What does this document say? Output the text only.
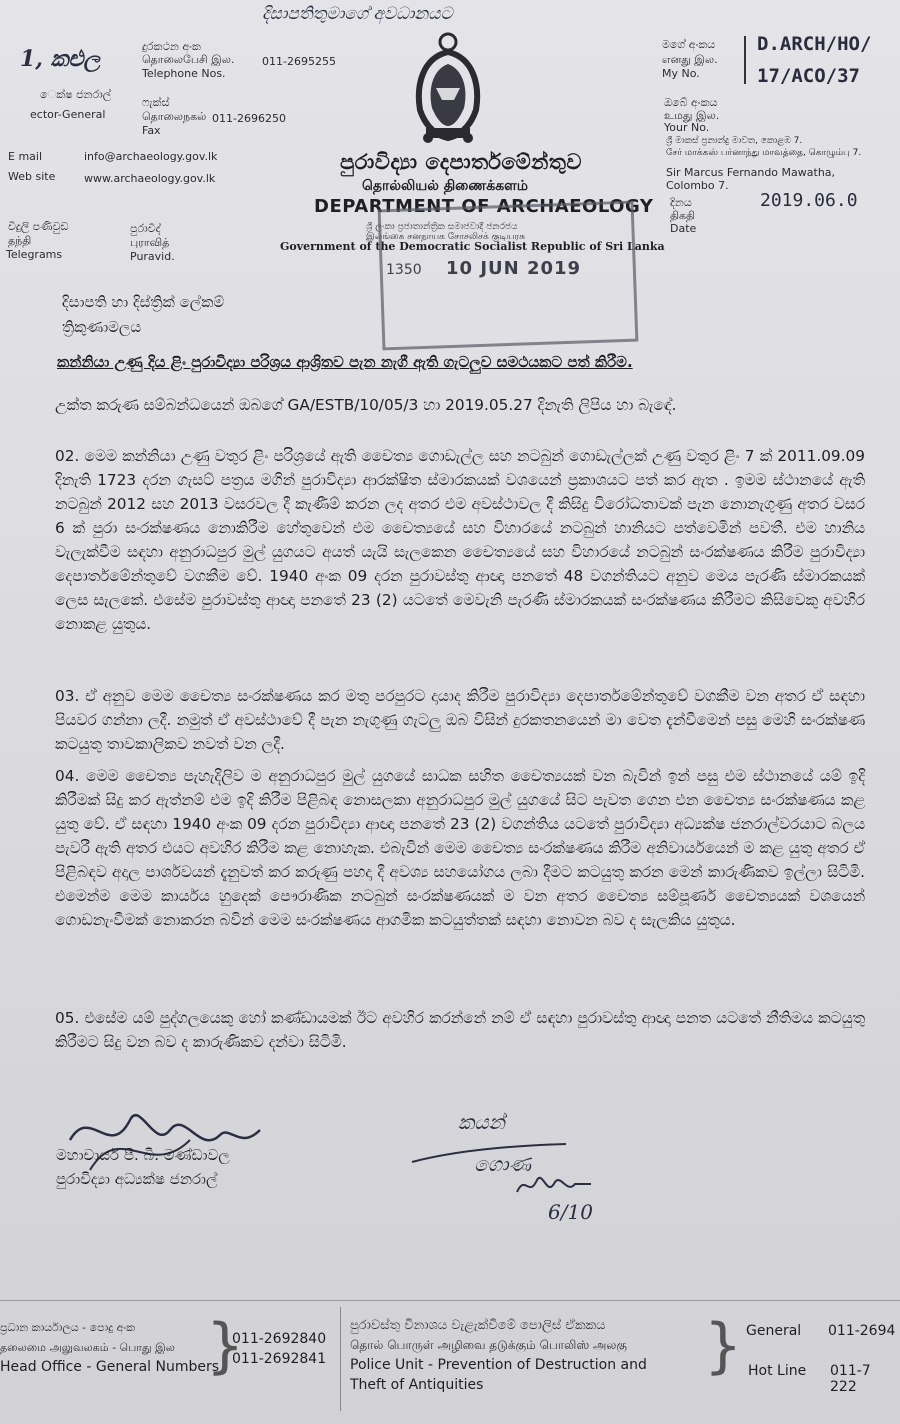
දිසාපතිතුමාගේ අවධානයට
1, කළුල
ෙක්ෂ ජනරාල්
ector-General
දුරකථන අංක
தொலைபேசி இல.
Telephone Nos.
011-2695255
ෆැක්ස්
தொலைநகல்
Fax
011-2696250
E mail	info@archaeology.gov.lk
Web site	www.archaeology.gov.lk
විදුලි පණිවුඩ
தந்தி
Telegrams
පුරාවිද්
புராவித்
Puravid.
පුරාවිද්‍යා දෙපාර්තමේන්තුව
தொல்லியல் திணைக்களம்
DEPARTMENT OF ARCHAEOLOGY
ශ්‍රී ලංකා ප්‍රජාතාන්ත්‍රික සමාජවාදී ජනරජය
இலங்கை சனநாயக சோசலிசக் குடியரசு
Government of the Democratic Socialist Republic of Sri Lanka
10 JUN 2019
1350
මගේ අංකය
எனது இல.
My No.
D.ARCH/HO/
17/ACO/37
ඔබේ අංකය
உமது இல.
Your No.
ශ්‍රී මාකස් ප්‍රනාන්දු මාවත, කොළඹ 7.
சேர் மாக்கஸ் பர்னாந்து மாவத்தை, கொழும்பு 7.
Sir Marcus Fernando Mawatha,
Colombo 7.
දිනය
திகதி
Date
2019.06.0
දිසාපති හා දිස්ත්‍රික් ලේකම්
ත්‍රිකුණාමලය
කන්නියා උණු දිය ළිං පුරාවිද්‍යා පරිශ්‍රය ආශ්‍රිතව පැන නැගී ඇති ගැටලුව සමථයකට පත් කිරීම.
උක්ත කරුණ සම්බන්ධයෙන් ඔබගේ GA/ESTB/10/05/3 හා 2019.05.27 දිනැති ලිපිය හා බැඳේ.
02. මෙම කන්නියා උණු වතුර ළිං පරිශ්‍රයේ ඇති චෛත්‍ය ගොඩැල්ල සහ නටබුන් ගොඩැල්ලක් උණු වතුර ළිං 7 ක් 2011.09.09 දිනැති 1723 දරන ගැසට් පත්‍රය මගින් පුරාවිද්‍යා ආරක්ෂිත ස්මාරකයක් වශයෙන් ප්‍රකාශයට පත් කර ඇත . ඉමම ස්ථානයේ ඇති නටබුන් 2012 සහ 2013 වසරවල දී කැණීම් කරන ලද අතර එම අවස්ථාවල දී කිසිදු විරෝධතාවක් පැන නොනැගුණු අතර වසර 6 ක් පුරා සංරක්ෂණය නොකිරීම හේතුවෙන් එම චෛත්‍යයේ සහ විහාරයේ නටබුන් හානියට පත්වෙමින් පවතී. එම හානිය වැලැක්වීම සඳහා අනුරාධපුර මුල් යුගයට අයත් යැයි සැලකෙන චෛත්‍යයේ සහ විහාරයේ නටබුන් සංරක්ෂණය කිරීම පුරාවිද්‍යා දෙපාර්තමේන්තුවේ වගකීම වේ. 1940 අංක 09 දරන පුරාවස්තු ආඥා පනතේ 48 වගන්තියට අනුව මෙය පැරණි ස්මාරකයක් ලෙස සැලකේ. එසේම පුරාවස්තු ආඥා පනතේ 23 (2) යටතේ මෙවැනි පැරණි ස්මාරකයක් සංරක්ෂණය කිරීමට කිසිවෙකු අවහිර නොකළ යුතුය.
03. ඒ අනුව මෙම චෛත්‍ය සංරක්ෂණය කර මතු පරපුරට දායාද කිරීම පුරාවිද්‍යා දෙපාර්තමේන්තුවේ වගකීම වන අතර ඒ සඳහා පියවර ගන්නා ලදී. නමුත් ඒ අවස්ථාවේ දී පැන නැගුණු ගැටලු ඔබ විසින් දුරකතනයෙන් මා වෙත දැන්වීමෙන් පසු මෙහි සංරක්ෂණ කටයුතු තාවකාලිකව නවත් වන ලදී.
04. මෙම චෛත්‍ය පැහැදිලිව ම අනුරාධපුර මුල් යුගයේ සාධක සහිත චෛත්‍යයක් වන බැවින් ඉන් පසු එම ස්ථානයේ යම් ඉදි කිරීමක් සිදු කර ඇත්නම් එම ඉදි කිරීම පිළිබඳ නොසලකා අනුරාධපුර මුල් යුගයේ සිට පැවත ගෙන එන චෛත්‍ය සංරක්ෂණය කළ යුතු වේ. ඒ සඳහා 1940 අංක 09 දරන පුරාවිද්‍යා ආඥා පනතේ 23 (2) වගන්තිය යටතේ පුරාවිද්‍යා අධ්‍යක්ෂ ජනරාල්වරයාට බලය පැවරී ඇති අතර එයට අවහිර කිරීම කළ නොහැක. එබැවින් මෙම චෛත්‍ය සංරක්ෂණය කිරීම අනිවාර්යයෙන් ම කළ යුතු අතර ඒ පිළිබඳව අදාල පාර්ශවයන් දැනුවත් කර කරුණු පහදා දී අවශ්‍ය සහයෝගය ලබා දීමට කටයුතු කරන මෙන් කාරුණිකව ඉල්ලා සිටිමි. එමෙන්ම මෙම කාර්යය හුදෙක් පෞරාණික නටබුන් සංරක්ෂණයක් ම වන අතර චෛත්‍ය සම්පූර්ණ චෛත්‍යයක් වශයෙන් ගොඩනැංවීමක් නොකරන බවින් මෙම සංරක්ෂණය ආගමික කටයුත්තක් සඳහා නොවන බව ද සැලකිය යුතුය.
05. එසේම යම් පුද්ගලයෙකු හෝ කණ්ඩායමක් ඊට අවහිර කරන්නේ නම් ඒ සඳහා පුරාවස්තු ආඥා පනත යටතේ නීතිමය කටයුතු කිරීමට සිදු වන බව ද කාරුණිකව දන්වා සිටිමි.
මහාචාර්ය පී. බී. මණ්ඩාවල
පුරාවිද්‍යා අධ්‍යක්ෂ ජනරාල්
කයන්
ගොණ
6/10
ප්‍රධාන කාර්යාලය - පොදු අංක
தலைமை அலுவலகம் - பொது இல
Head Office - General Numbers
}
011-2692840
011-2692841
පුරාවස්තු විනාශය වැළැක්වීමේ පොලිස් ඒකකය
தொல் பொருள் அழிவை தடுக்கும் பொலிஸ் அலகு
Police Unit - Prevention of Destruction and
Theft of Antiquities
} General 011-2694
Hot Line 011-7 222
